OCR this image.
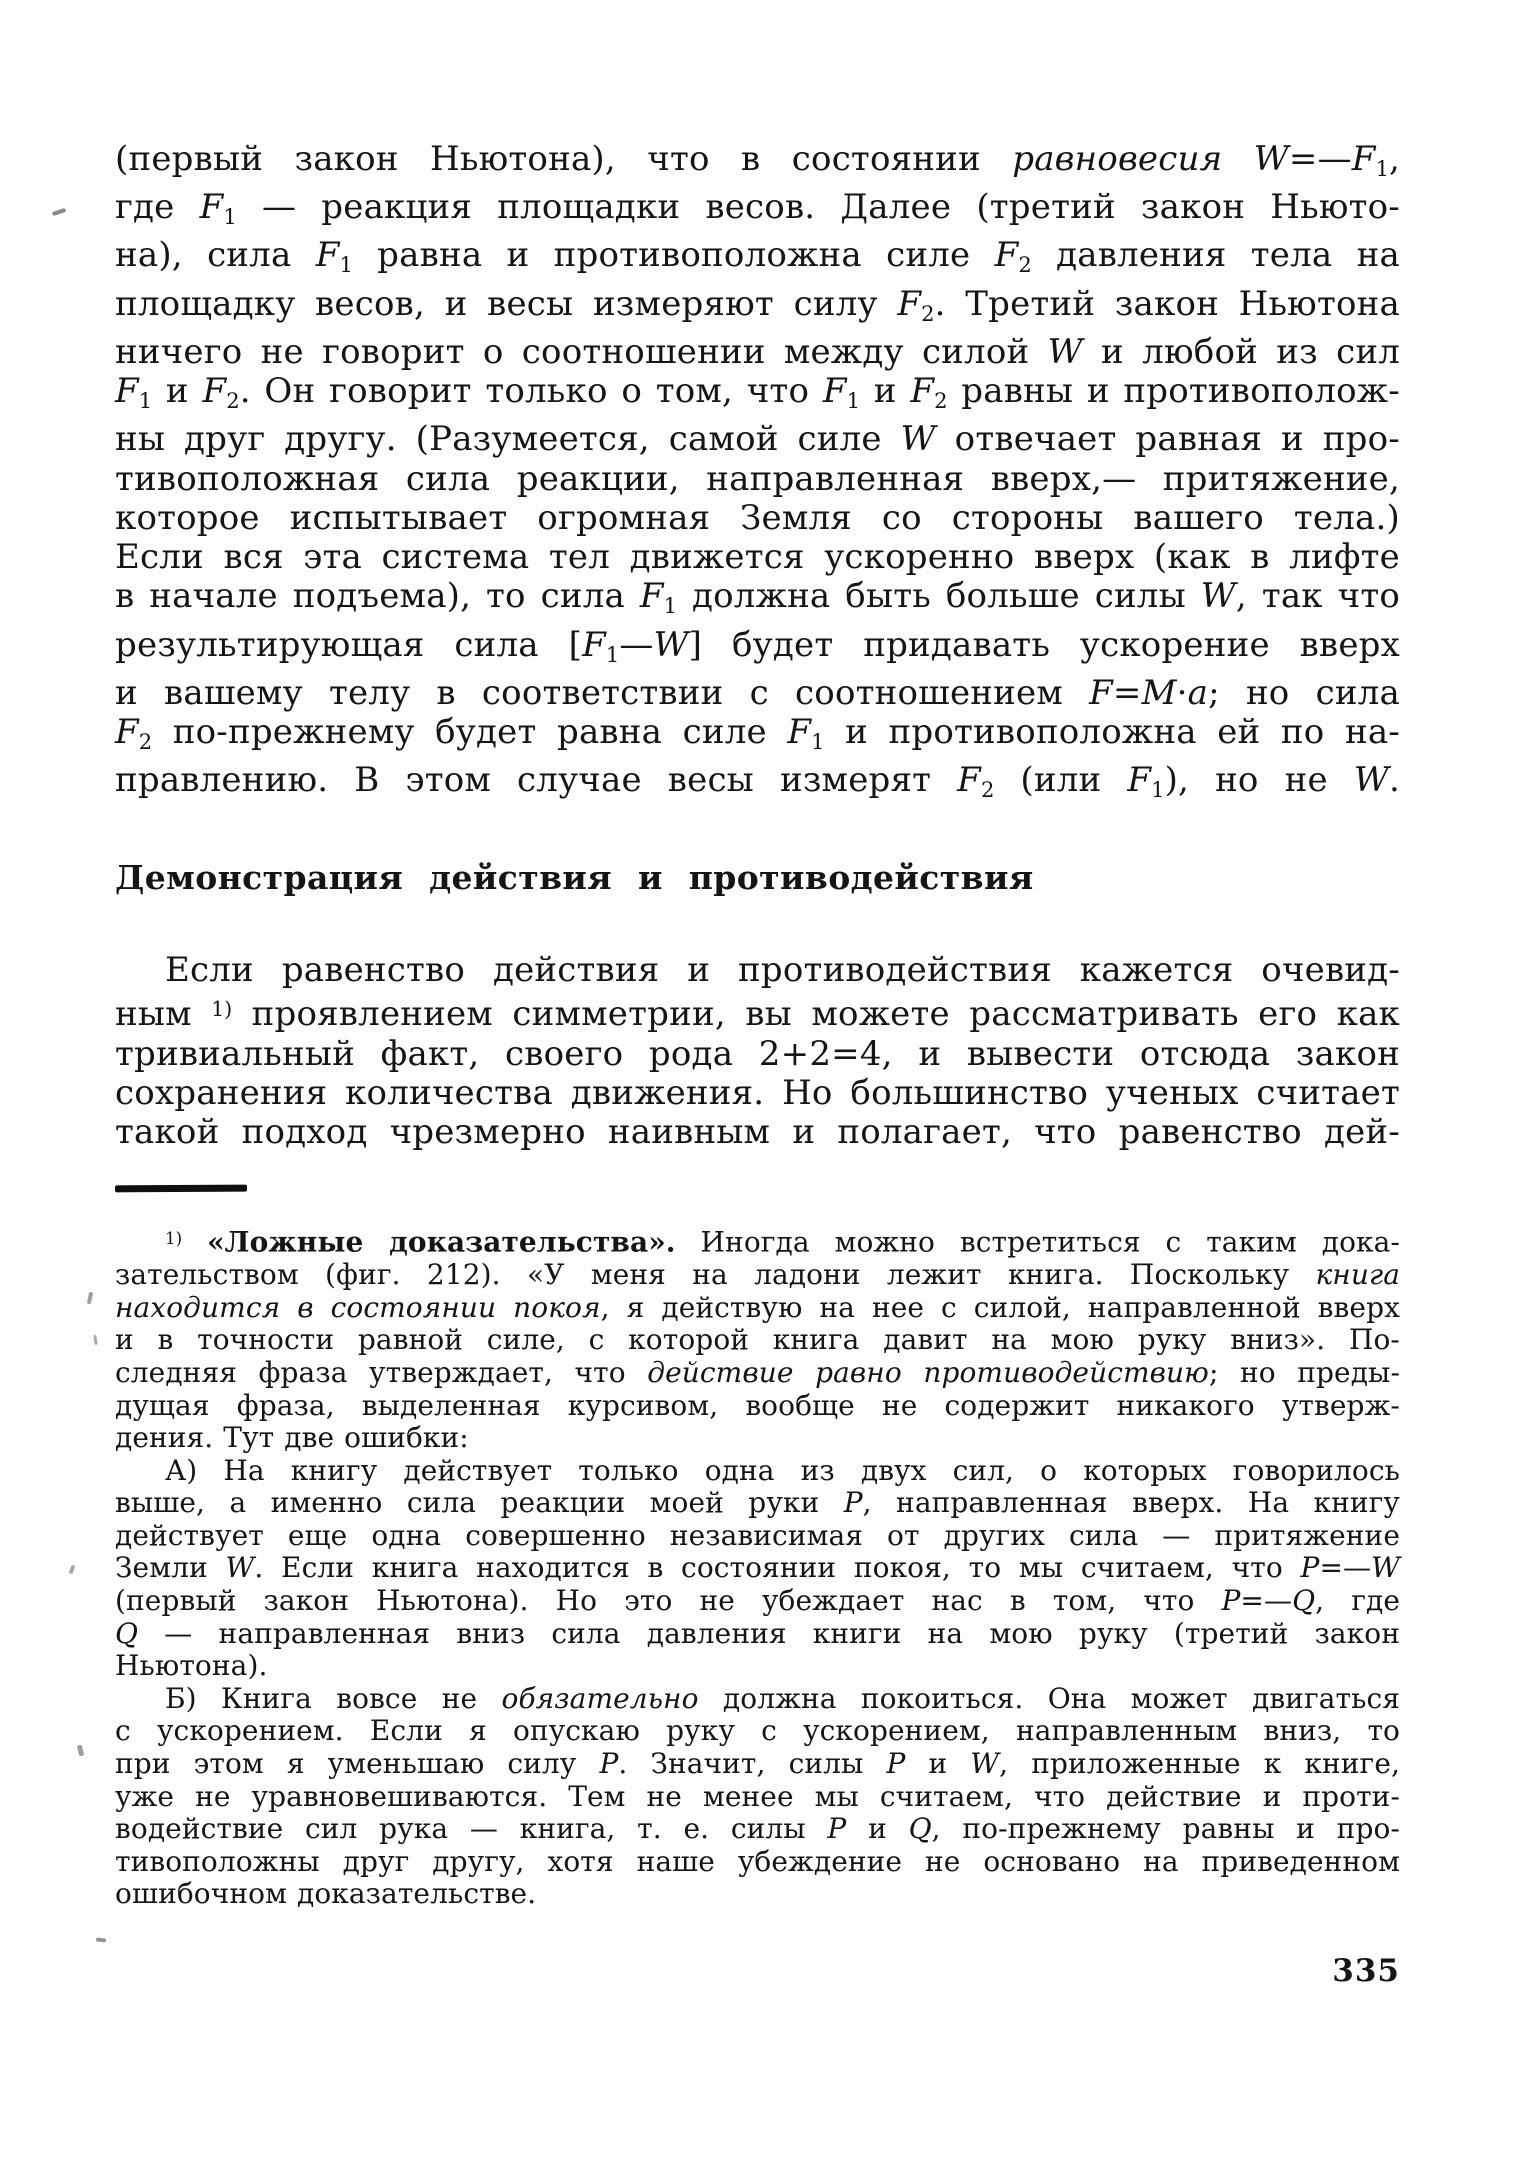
(первый закон Ньютона), что в состоянии равновесия W=—F1,
где F1 — реакция площадки весов. Далее (третий закон Ньюто-
на), сила F1 равна и противоположна силе F2 давления тела на
площадку весов, и весы измеряют силу F2. Третий закон Ньютона
ничего не говорит о соотношении между силой W и любой из сил
F1 и F2. Он говорит только о том, что F1 и F2 равны и противополож-
ны друг другу. (Разумеется, самой силе W отвечает равная и про-
тивоположная сила реакции, направленная вверх,— притяжение,
которое испытывает огромная Земля со стороны вашего тела.)
Если вся эта система тел движется ускоренно вверх (как в лифте
в начале подъема), то сила F1 должна быть больше силы W, так что
результирующая сила [F1—W] будет придавать ускорение вверх
и вашему телу в соответствии с соотношением F=M·a; но сила
F2 по-прежнему будет равна силе F1 и противоположна ей по на-
правлению. В этом случае весы измерят F2 (или F1), но не W.
Демонстрация действия и противодействия
Если равенство действия и противодействия кажется очевид-
ным $^{1)}$ проявлением симметрии, вы можете рассматривать его как
тривиальный факт, своего рода 2+2=4, и вывести отсюда закон
сохранения количества движения. Но большинство ученых считает
такой подход чрезмерно наивным и полагает, что равенство дей-
$^{1)}$ «Ложные доказательства». Иногда можно встретиться с таким дока-
зательством (фиг. 212). «У меня на ладони лежит книга. Поскольку книга
находится в состоянии покоя, я действую на нее с силой, направленной вверх
и в точности равной силе, с которой книга давит на мою руку вниз». По-
следняя фраза утверждает, что действие равно противодействию; но преды-
дущая фраза, выделенная курсивом, вообще не содержит никакого утверж-
дения. Тут две ошибки:
А) На книгу действует только одна из двух сил, о которых говорилось
выше, а именно сила реакции моей руки P, направленная вверх. На книгу
действует еще одна совершенно независимая от других сила — притяжение
Земли W. Если книга находится в состоянии покоя, то мы считаем, что P=—W
(первый закон Ньютона). Но это не убеждает нас в том, что P=—Q, где
Q — направленная вниз сила давления книги на мою руку (третий закон
Ньютона).
Б) Книга вовсе не обязательно должна покоиться. Она может двигаться
с ускорением. Если я опускаю руку с ускорением, направленным вниз, то
при этом я уменьшаю силу P. Значит, силы P и W, приложенные к книге,
уже не уравновешиваются. Тем не менее мы считаем, что действие и проти-
водействие сил рука — книга, т. е. силы P и Q, по-прежнему равны и про-
тивоположны друг другу, хотя наше убеждение не основано на приведенном
ошибочном доказательстве.
335
